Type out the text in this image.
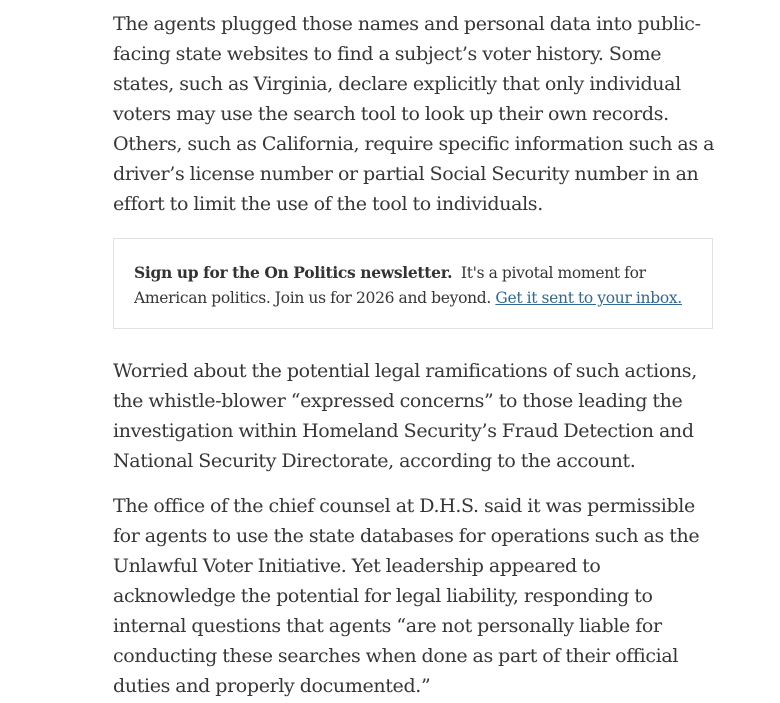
The agents plugged those names and personal data into public-facing state websites to find a subject’s voter history. Some states, such as Virginia, declare explicitly that only individual voters may use the search tool to look up their own records. Others, such as California, require specific information such as a driver’s license number or partial Social Security number in an effort to limit the use of the tool to individuals.

Sign up for the On Politics newsletter. It's a pivotal moment for American politics. Join us for 2026 and beyond. Get it sent to your inbox.

Worried about the potential legal ramifications of such actions, the whistle-blower “expressed concerns” to those leading the investigation within Homeland Security’s Fraud Detection and National Security Directorate, according to the account.

The office of the chief counsel at D.H.S. said it was permissible for agents to use the state databases for operations such as the Unlawful Voter Initiative. Yet leadership appeared to acknowledge the potential for legal liability, responding to internal questions that agents “are not personally liable for conducting these searches when done as part of their official duties and properly documented.”
